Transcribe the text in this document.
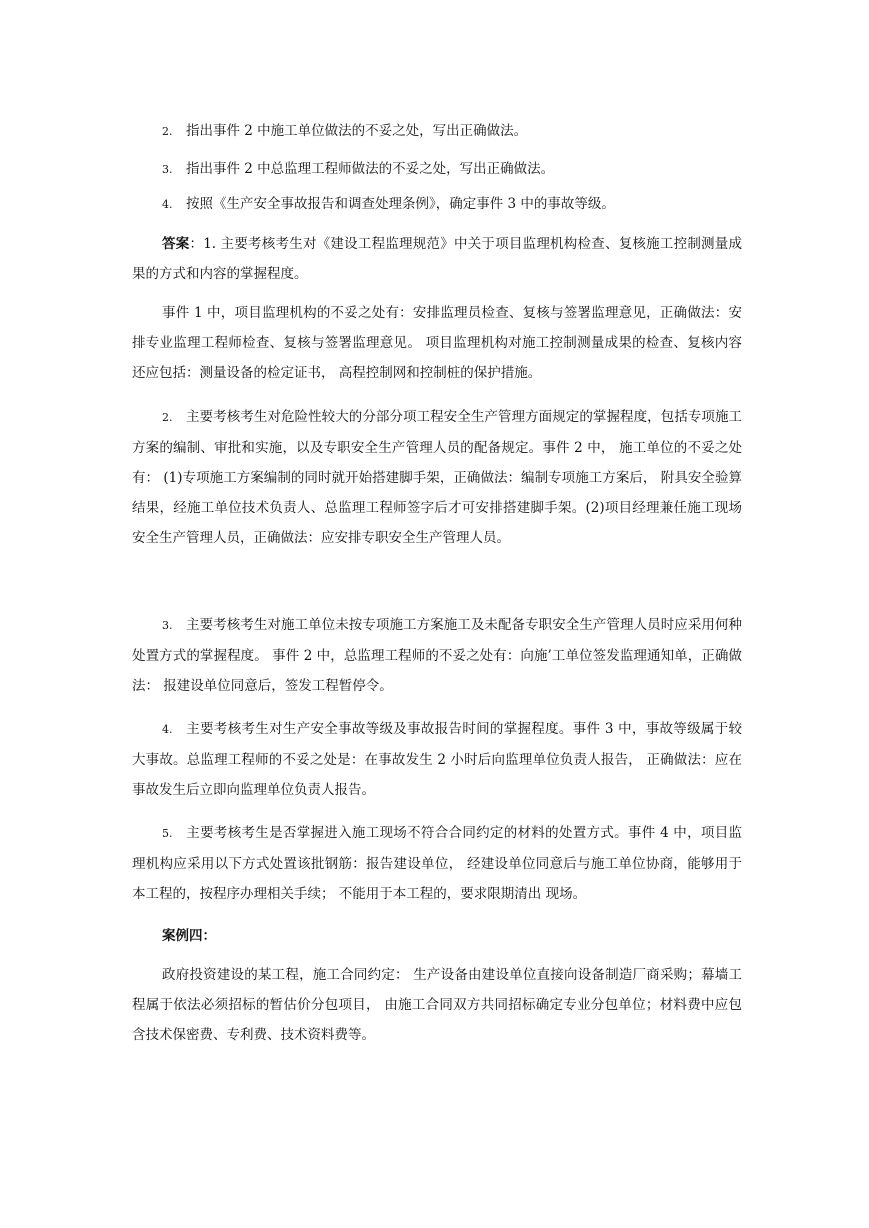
2. 指出事件 2 中施工单位做法的不妥之处，写出正确做法。
3. 指出事件 2 中总监理工程师做法的不妥之处，写出正确做法。
4. 按照《生产安全事故报告和调查处理条例》，确定事件 3 中的事故等级。

答案：1. 主要考核考生对《建设工程监理规范》中关于项目监理机构检查、复核施工控制测量成果的方式和内容的掌握程度。

事件 1 中，项目监理机构的不妥之处有：安排监理员检查、复核与签署监理意见，正确做法：安排专业监理工程师检查、复核与签署监理意见。 项目监理机构对施工控制测量成果的检查、复核内容还应包括：测量设备的检定证书， 高程控制网和控制桩的保护措施。

2. 主要考核考生对危险性较大的分部分项工程安全生产管理方面规定的掌握程度，包括专项施工方案的编制、审批和实施，以及专职安全生产管理人员的配备规定。事件 2 中， 施工单位的不妥之处有： (1)专项施工方案编制的同时就开始搭建脚手架，正确做法：编制专项施工方案后， 附具安全验算结果，经施工单位技术负责人、总监理工程师签字后才可安排搭建脚手架。(2)项目经理兼任施工现场安全生产管理人员，正确做法：应安排专职安全生产管理人员。

3. 主要考核考生对施工单位未按专项施工方案施工及未配备专职安全生产管理人员时应采用何种处置方式的掌握程度。 事件 2 中，总监理工程师的不妥之处有：向施’工单位签发监理通知单，正确做法： 报建设单位同意后，签发工程暂停令。

4. 主要考核考生对生产安全事故等级及事故报告时间的掌握程度。事件 3 中，事故等级属于较大事故。总监理工程师的不妥之处是：在事故发生 2 小时后向监理单位负责人报告， 正确做法：应在事故发生后立即向监理单位负责人报告。

5. 主要考核考生是否掌握进入施工现场不符合合同约定的材料的处置方式。事件 4 中，项目监理机构应采用以下方式处置该批钢筋：报告建设单位， 经建设单位同意后与施工单位协商，能够用于本工程的，按程序办理相关手续； 不能用于本工程的，要求限期清出 现场。

案例四：

政府投资建设的某工程，施工合同约定： 生产设备由建设单位直接向设备制造厂商采购；幕墙工程属于依法必须招标的暂估价分包项目， 由施工合同双方共同招标确定专业分包单位；材料费中应包含技术保密费、专利费、技术资料费等。
